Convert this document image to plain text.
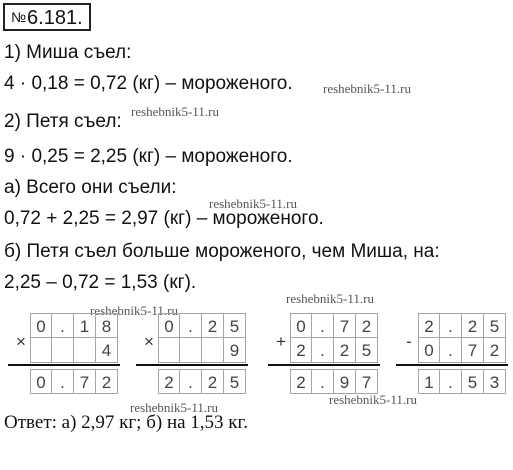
№6.181.
1) Миша съел:
4 · 0,18 = 0,72 (кг) – мороженого.
2) Петя съел:
9 · 0,25 = 2,25 (кг) – мороженого.
а) Всего они съели:
0,72 + 2,25 = 2,97 (кг) – мороженого.
б) Петя съел больше мороженого, чем Миша, на:
2,25 – 0,72 = 1,53 (кг).
reshebnik5-11.ru
reshebnik5-11.ru
reshebnik5-11.ru
reshebnik5-11.ru
reshebnik5-11.ru
reshebnik5-11.ru
reshebnik5-11.ru
×
0 . 1 8
4
0 . 7 2
×
0 . 2 5
9
2 . 2 5
+
0 . 7 2
2 . 2 5
2 . 9 7
-
2 . 2 5
0 . 7 2
1 . 5 3
Ответ: а) 2,97 кг; б) на 1,53 кг.
